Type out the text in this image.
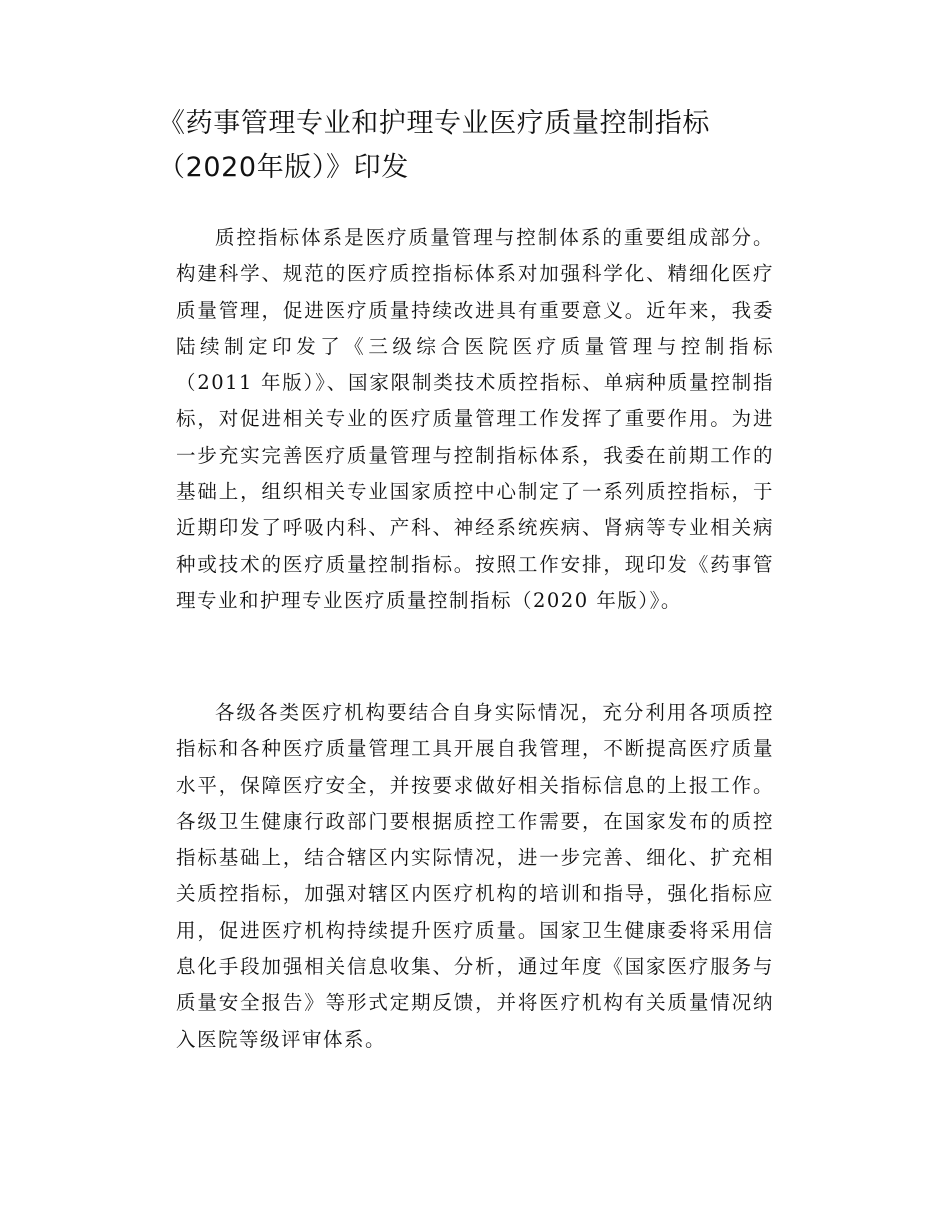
《药事管理专业和护理专业医疗质量控制指标（2020年版）》印发

质控指标体系是医疗质量管理与控制体系的重要组成部分。构建科学、规范的医疗质控指标体系对加强科学化、精细化医疗质量管理，促进医疗质量持续改进具有重要意义。近年来，我委陆续制定印发了《三级综合医院医疗质量管理与控制指标（2011 年版）》、国家限制类技术质控指标、单病种质量控制指标，对促进相关专业的医疗质量管理工作发挥了重要作用。为进一步充实完善医疗质量管理与控制指标体系，我委在前期工作的基础上，组织相关专业国家质控中心制定了一系列质控指标，于近期印发了呼吸内科、产科、神经系统疾病、肾病等专业相关病种或技术的医疗质量控制指标。按照工作安排，现印发《药事管理专业和护理专业医疗质量控制指标（2020 年版）》。

各级各类医疗机构要结合自身实际情况，充分利用各项质控指标和各种医疗质量管理工具开展自我管理，不断提高医疗质量水平，保障医疗安全，并按要求做好相关指标信息的上报工作。各级卫生健康行政部门要根据质控工作需要，在国家发布的质控指标基础上，结合辖区内实际情况，进一步完善、细化、扩充相关质控指标，加强对辖区内医疗机构的培训和指导，强化指标应用，促进医疗机构持续提升医疗质量。国家卫生健康委将采用信息化手段加强相关信息收集、分析，通过年度《国家医疗服务与质量安全报告》等形式定期反馈，并将医疗机构有关质量情况纳入医院等级评审体系。
